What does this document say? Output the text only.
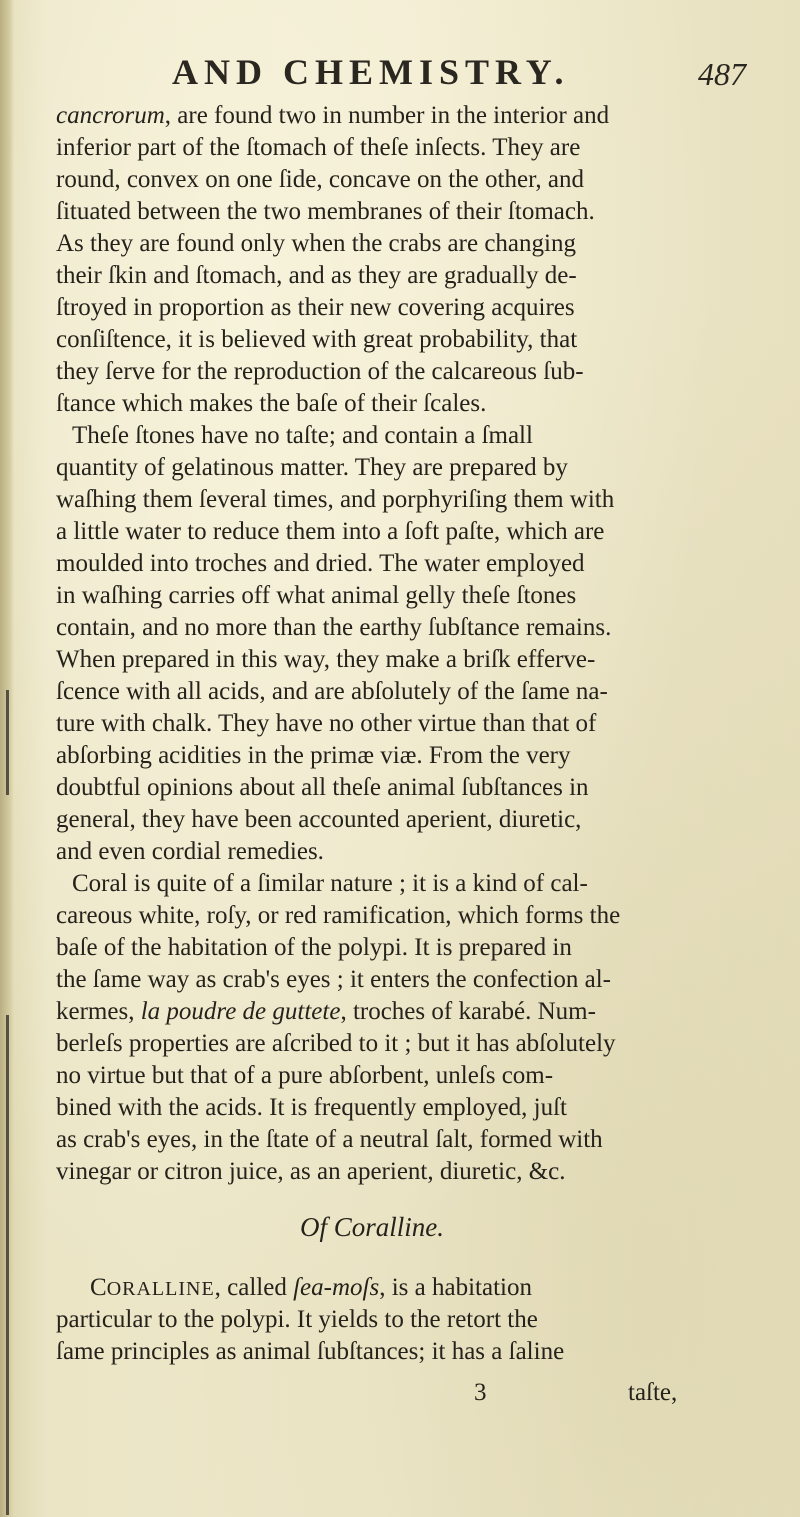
AND CHEMISTRY.	487
cancrorum, are found two in number in the interior and
inferior part of the ſtomach of theſe inſects. They are
round, convex on one ſide, concave on the other, and
ſituated between the two membranes of their ſtomach.
As they are found only when the crabs are changing
their ſkin and ſtomach, and as they are gradually de-
ſtroyed in proportion as their new covering acquires
conſiſtence, it is believed with great probability, that
they ſerve for the reproduction of the calcareous ſub-
ſtance which makes the baſe of their ſcales.
Theſe ſtones have no taſte; and contain a ſmall
quantity of gelatinous matter. They are prepared by
waſhing them ſeveral times, and porphyriſing them with
a little water to reduce them into a ſoft paſte, which are
moulded into troches and dried. The water employed
in waſhing carries off what animal gelly theſe ſtones
contain, and no more than the earthy ſubſtance remains.
When prepared in this way, they make a briſk efferve-
ſcence with all acids, and are abſolutely of the ſame na-
ture with chalk. They have no other virtue than that of
abſorbing acidities in the primæ viæ. From the very
doubtful opinions about all theſe animal ſubſtances in
general, they have been accounted aperient, diuretic,
and even cordial remedies.
Coral is quite of a ſimilar nature ; it is a kind of cal-
careous white, roſy, or red ramification, which forms the
baſe of the habitation of the polypi. It is prepared in
the ſame way as crab's eyes ; it enters the confection al-
kermes, la poudre de guttete, troches of karabé. Num-
berleſs properties are aſcribed to it ; but it has abſolutely
no virtue but that of a pure abſorbent, unleſs com-
bined with the acids. It is frequently employed, juſt
as crab's eyes, in the ſtate of a neutral ſalt, formed with
vinegar or citron juice, as an aperient, diuretic, &c.
Of Coralline.
CORALLINE, called ſea-moſs, is a habitation
particular to the polypi. It yields to the retort the
ſame principles as animal ſubſtances; it has a ſaline
3	taſte,
